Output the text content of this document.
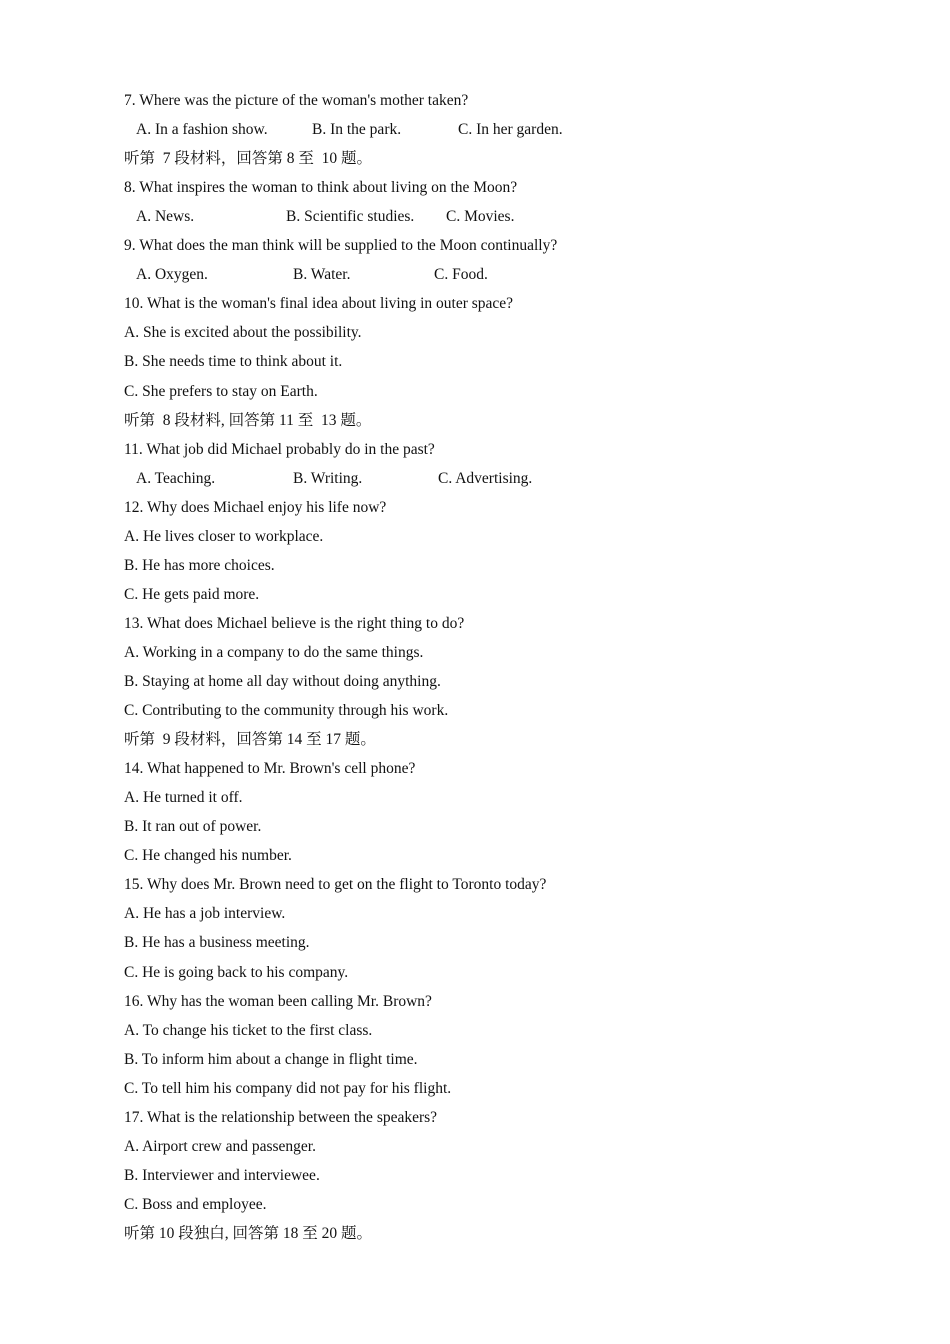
7. Where was the picture of the woman's mother taken?
A. In a fashion show.	B. In the park.	C. In her garden.
听第  7 段材料，回答第 8 至  10 题。
8. What inspires the woman to think about living on the Moon?
A. News.	B. Scientific studies. C. Movies.
9. What does the man think will be supplied to the Moon continually?
A. Oxygen.	B. Water.	C. Food.
10. What is the woman's final idea about living in outer space?
A. She is excited about the possibility.
B. She needs time to think about it.
C. She prefers to stay on Earth.
听第  8 段材料, 回答第 11 至  13 题。
11. What job did Michael probably do in the past?
A. Teaching.	B. Writing.	C. Advertising.
12. Why does Michael enjoy his life now?
A. He lives closer to workplace.
B. He has more choices.
C. He gets paid more.
13. What does Michael believe is the right thing to do?
A. Working in a company to do the same things.
B. Staying at home all day without doing anything.
C. Contributing to the community through his work.
听第  9 段材料，回答第 14 至 17 题。
14. What happened to Mr. Brown's cell phone?
A. He turned it off.
B. It ran out of power.
C. He changed his number.
15. Why does Mr. Brown need to get on the flight to Toronto today?
A. He has a job interview.
B. He has a business meeting.
C. He is going back to his company.
16. Why has the woman been calling Mr. Brown?
A. To change his ticket to the first class.
B. To inform him about a change in flight time.
C. To tell him his company did not pay for his flight.
17. What is the relationship between the speakers?
A. Airport crew and passenger.
B. Interviewer and interviewee.
C. Boss and employee.
听第 10 段独白, 回答第 18 至 20 题。
